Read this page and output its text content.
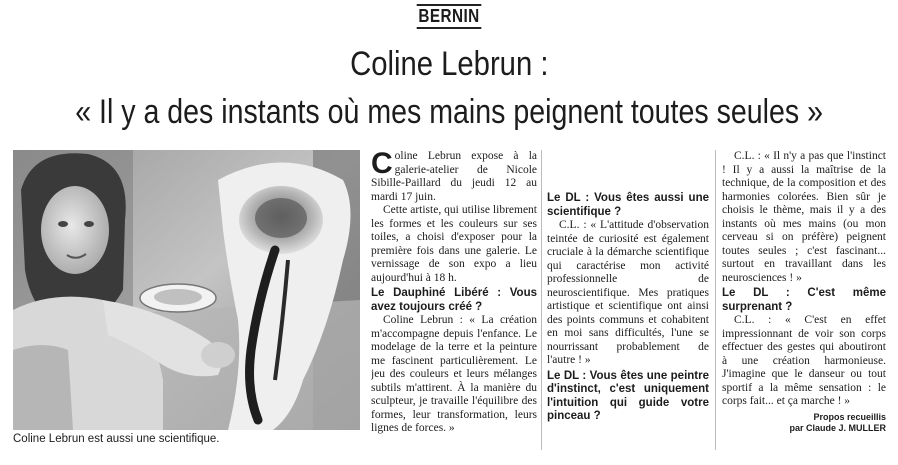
BERNIN
Coline Lebrun :
« Il y a des instants où mes mains peignent toutes seules »
Coline Lebrun est aussi une scientifique.

Coline Lebrun expose à la galerie-atelier de Nicole Sibille-Paillard du jeudi 12 au mardi 17 juin.

Cette artiste, qui utilise librement les formes et les couleurs sur ses toiles, a choisi d'exposer pour la première fois dans une galerie. Le vernissage de son expo a lieu aujourd'hui à 18 h.

Le Dauphiné Libéré : Vous avez toujours créé ?

Coline Lebrun : « La création m'accompagne depuis l'enfance. Le modelage de la terre et la peinture me fascinent particulièrement. Le jeu des couleurs et leurs mélanges subtils m'attirent. À la manière du sculpteur, je travaille l'équilibre des formes, leur transformation, leurs lignes de forces. »

Le DL : Vous êtes aussi une scientifique ?

C.L. : « L'attitude d'observation teintée de curiosité est également cruciale à la démarche scientifique qui caractérise mon activité professionnelle de neuroscientifique. Mes pratiques artistique et scientifique ont ainsi des points communs et cohabitent en moi sans difficultés, l'une se nourrissant probablement de l'autre ! »

Le DL : Vous êtes une peintre d'instinct, c'est uniquement l'intuition qui guide votre pinceau ?

C.L. : « Il n'y a pas que l'instinct ! Il y a aussi la maîtrise de la technique, de la composition et des harmonies colorées. Bien sûr je choisis le thème, mais il y a des instants où mes mains (ou mon cerveau si on préfère) peignent toutes seules ; c'est fascinant... surtout en travaillant dans les neurosciences ! »

Le DL : C'est même surprenant ?

C.L. : « C'est en effet impressionnant de voir son corps effectuer des gestes qui aboutiront à une création harmonieuse. J'imagine que le danseur ou tout sportif a la même sensation : le corps fait... et ça marche ! »

Propos recueillis

par Claude J. MULLER
